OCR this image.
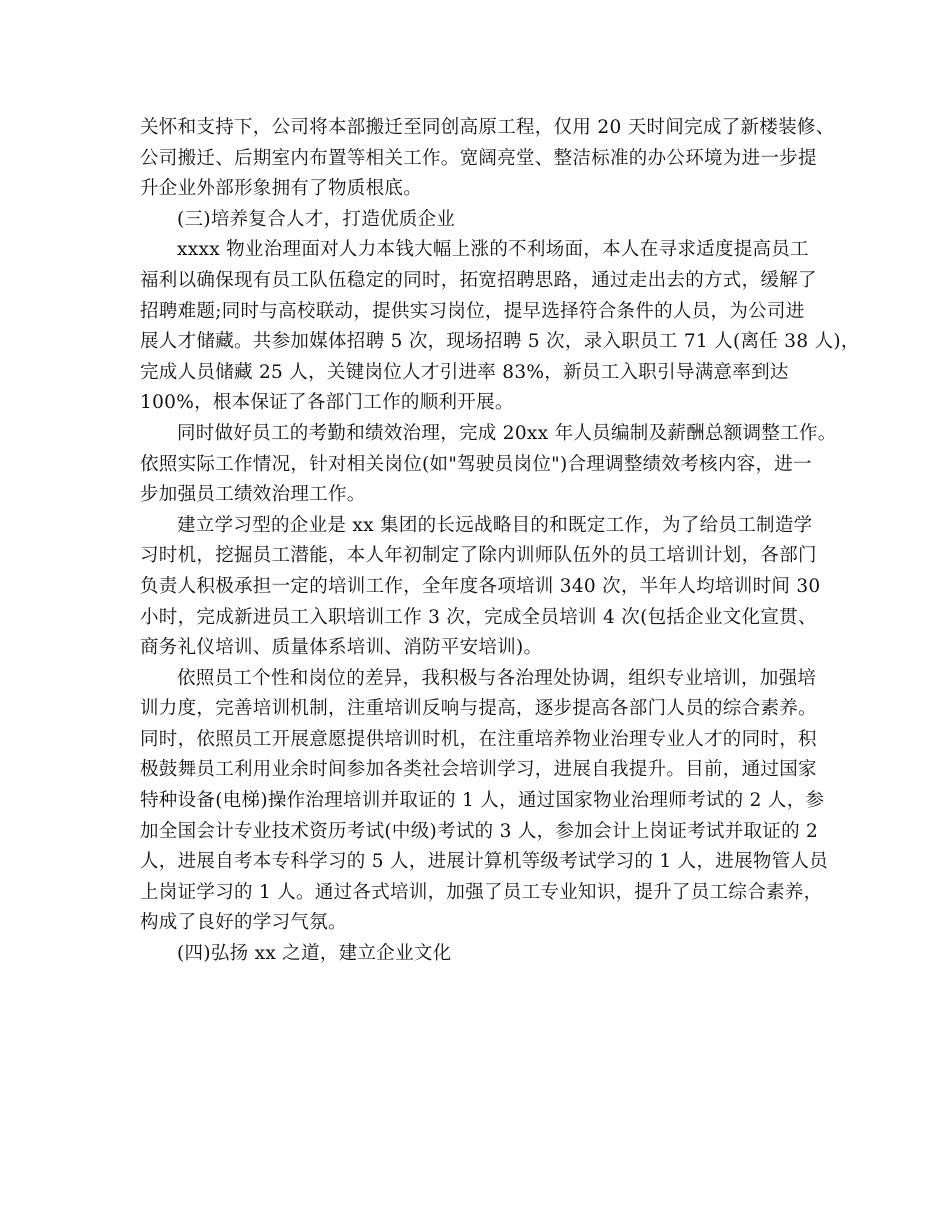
关怀和支持下，公司将本部搬迁至同创高原工程，仅用 20 天时间完成了新楼装修、
公司搬迁、后期室内布置等相关工作。宽阔亮堂、整洁标准的办公环境为进一步提
升企业外部形象拥有了物质根底。
(三)培养复合人才，打造优质企业
xxxx 物业治理面对人力本钱大幅上涨的不利场面，本人在寻求适度提高员工
福利以确保现有员工队伍稳定的同时，拓宽招聘思路，通过走出去的方式，缓解了
招聘难题;同时与高校联动，提供实习岗位，提早选择符合条件的人员，为公司进
展人才储藏。共参加媒体招聘 5 次，现场招聘 5 次，录入职员工 71 人(离任 38 人)，
完成人员储藏 25 人，关键岗位人才引进率 83%，新员工入职引导满意率到达
100%，根本保证了各部门工作的顺利开展。
同时做好员工的考勤和绩效治理，完成 20xx 年人员编制及薪酬总额调整工作。
依照实际工作情况，针对相关岗位(如"驾驶员岗位")合理调整绩效考核内容，进一
步加强员工绩效治理工作。
建立学习型的企业是 xx 集团的长远战略目的和既定工作，为了给员工制造学
习时机，挖掘员工潜能，本人年初制定了除内训师队伍外的员工培训计划，各部门
负责人积极承担一定的培训工作，全年度各项培训 340 次，半年人均培训时间 30
小时，完成新进员工入职培训工作 3 次，完成全员培训 4 次(包括企业文化宣贯、
商务礼仪培训、质量体系培训、消防平安培训)。
依照员工个性和岗位的差异，我积极与各治理处协调，组织专业培训，加强培
训力度，完善培训机制，注重培训反响与提高，逐步提高各部门人员的综合素养。
同时，依照员工开展意愿提供培训时机，在注重培养物业治理专业人才的同时，积
极鼓舞员工利用业余时间参加各类社会培训学习，进展自我提升。目前，通过国家
特种设备(电梯)操作治理培训并取证的 1 人，通过国家物业治理师考试的 2 人，参
加全国会计专业技术资历考试(中级)考试的 3 人，参加会计上岗证考试并取证的 2
人，进展自考本专科学习的 5 人，进展计算机等级考试学习的 1 人，进展物管人员
上岗证学习的 1 人。通过各式培训，加强了员工专业知识，提升了员工综合素养，
构成了良好的学习气氛。
(四)弘扬 xx 之道，建立企业文化
